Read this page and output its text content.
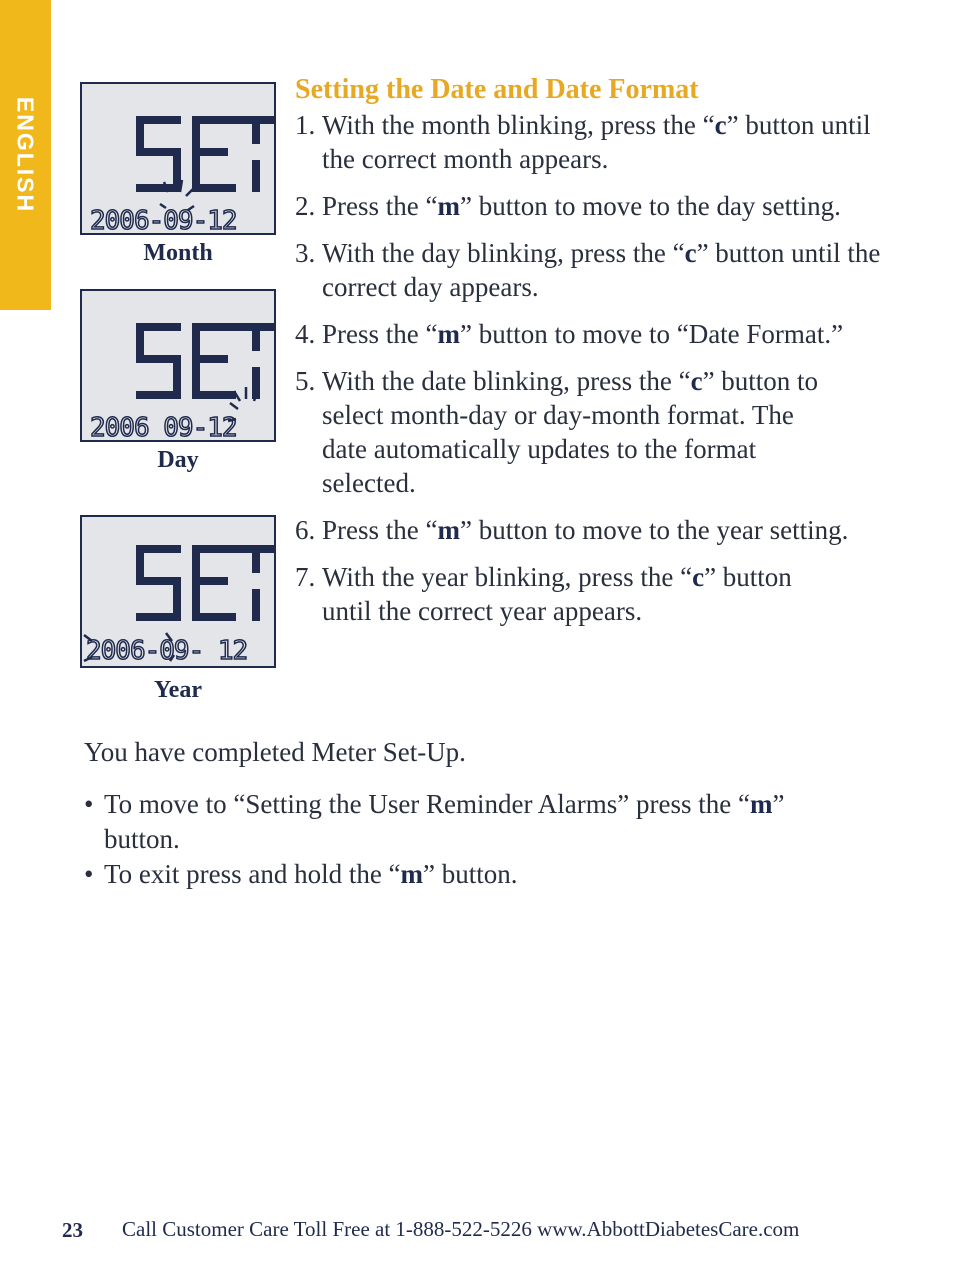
ENGLISH
2006-09-12
Month
2006 09-12
Day
2006-09- 12
Year
Setting the Date and Date Format
1. With the month blinking, press the “c” button until the correct month appears.
2. Press the “m” button to move to the day setting.
3. With the day blinking, press the “c” button until the correct day appears.
4. Press the “m” button to move to “Date Format.”
5. With the date blinking, press the “c” button to select month-day or day-month format. The date automatically updates to the format selected.
6. Press the “m” button to move to the year setting.
7. With the year blinking, press the “c” button until the correct year appears.
You have completed Meter Set-Up.
• To move to “Setting the User Reminder Alarms” press the “m” button.
• To exit press and hold the “m” button.
23 Call Customer Care Toll Free at 1-888-522-5226 www.AbbottDiabetesCare.com
